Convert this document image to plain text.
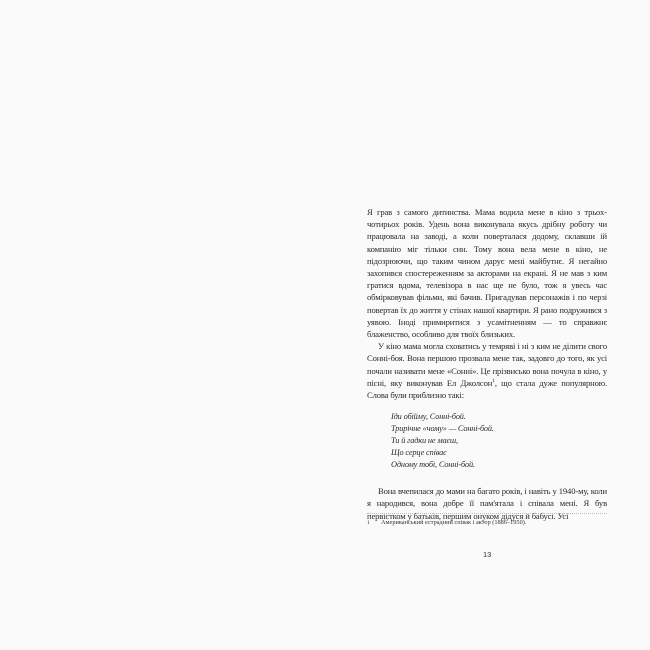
Я грав з самого дитинства. Мама водила мене в кіно з трьохчотирьох років. Удень вона виконувала якусь дрібну роботу чи працювала на заводі, а коли поверталася додому, склавши ій компанію міг тільки син. Тому вона вела мене в кіно, не підозрюючи, що таким чином дарує мені майбутнє. Я негайно захопився спостереженням за акторами на екрані. Я не мав з ким гратися вдома, телевізора в нас ще не було, тож я увесь час обмірковував фільми, які бачив. Пригадував персонажів і по черзі повертав їх до життя у стінах нашої квартири. Я рано подружився з уявою. Іноді примиритися з усамітненням — то справжнє блаженство, особливо для твоїх близьких.

У кіно мама могла сховатись у темряві і ні з ким не ділити свого Сонні-боя. Вона першою прозвала мене так, задовго до того, як усі почали називати мене «Сонні». Це прізвисько вона почула в кіно, у пісні, яку виконував Ел Джолсон$^1$, що стала дуже популярною. Слова були приблизно такі:

Іди обійму, Сонні-бой.
Трирічне «чому» — Сонні-бой.
Ти й гадки не маєш,
Що серце співає
Одному тобі, Сонні-бой.

Вона вчепилася до мами на багато років, і навіть у 1940-му, коли я народився, вона добре її пам'ятала і співала мені. Я був первістком у батьків, першим онуком дідуся й бабусі. Усі

1 Американський естрадний співак і актор (1886–1950).
13
